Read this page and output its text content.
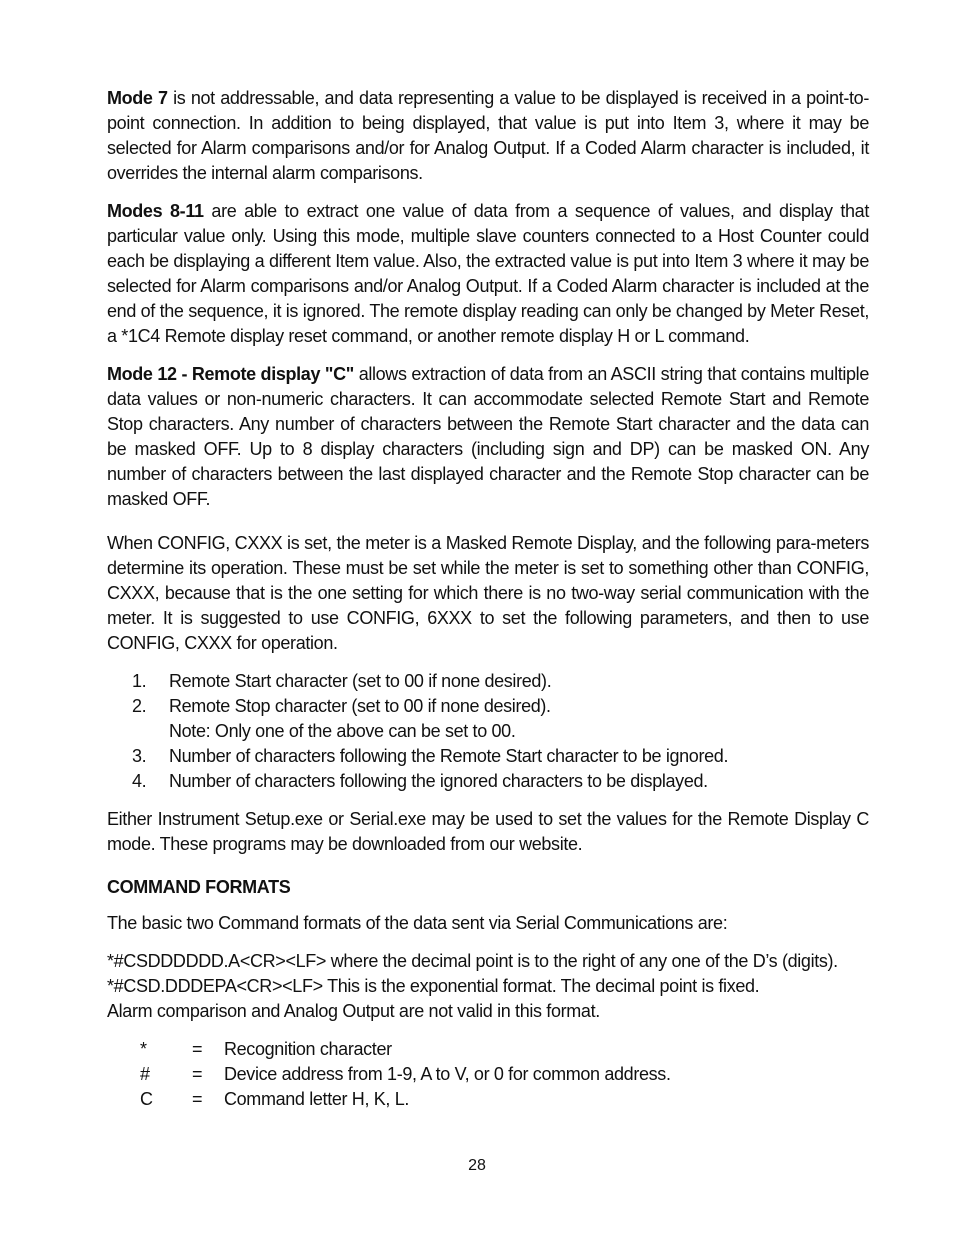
Mode 7 is not addressable, and data representing a value to be displayed is received in a point-to-point connection. In addition to being displayed, that value is put into Item 3, where it may be selected for Alarm comparisons and/or for Analog Output. If a Coded Alarm character is included, it overrides the internal alarm comparisons.

Modes 8-11 are able to extract one value of data from a sequence of values, and display that particular value only. Using this mode, multiple slave counters connected to a Host Counter could each be displaying a different Item value. Also, the extracted value is put into Item 3 where it may be selected for Alarm comparisons and/or Analog Output. If a Coded Alarm character is included at the end of the sequence, it is ignored. The remote display reading can only be changed by Meter Reset, a *1C4 Remote display reset command, or another remote display H or L command.

Mode 12 - Remote display "C" allows extraction of data from an ASCII string that contains multiple data values or non-numeric characters. It can accommodate selected Remote Start and Remote Stop characters. Any number of characters between the Remote Start character and the data can be masked OFF. Up to 8 display characters (including sign and DP) can be masked ON. Any number of characters between the last displayed character and the Remote Stop character can be masked OFF.

When CONFIG, CXXX is set, the meter is a Masked Remote Display, and the following para-meters determine its operation. These must be set while the meter is set to something other than CONFIG, CXXX, because that is the one setting for which there is no two-way serial communication with the meter. It is suggested to use CONFIG, 6XXX to set the following parameters, and then to use CONFIG, CXXX for operation.

1.	Remote Start character (set to 00 if none desired).
2.	Remote Stop character (set to 00 if none desired).
Note: Only one of the above can be set to 00.
3.	Number of characters following the Remote Start character to be ignored.
4.	Number of characters following the ignored characters to be displayed.

Either Instrument Setup.exe or Serial.exe may be used to set the values for the Remote Display C mode. These programs may be downloaded from our website.

COMMAND FORMATS
The basic two Command formats of the data sent via Serial Communications are:
*#CSDDDDDD.A<CR><LF> where the decimal point is to the right of any one of the D’s (digits).
*#CSD.DDDEPA<CR><LF> This is the exponential format. The decimal point is fixed.
Alarm comparison and Analog Output are not valid in this format.
*	=	Recognition character
#	=	Device address from 1-9, A to V, or 0 for common address.
C	=	Command letter H, K, L.
28
